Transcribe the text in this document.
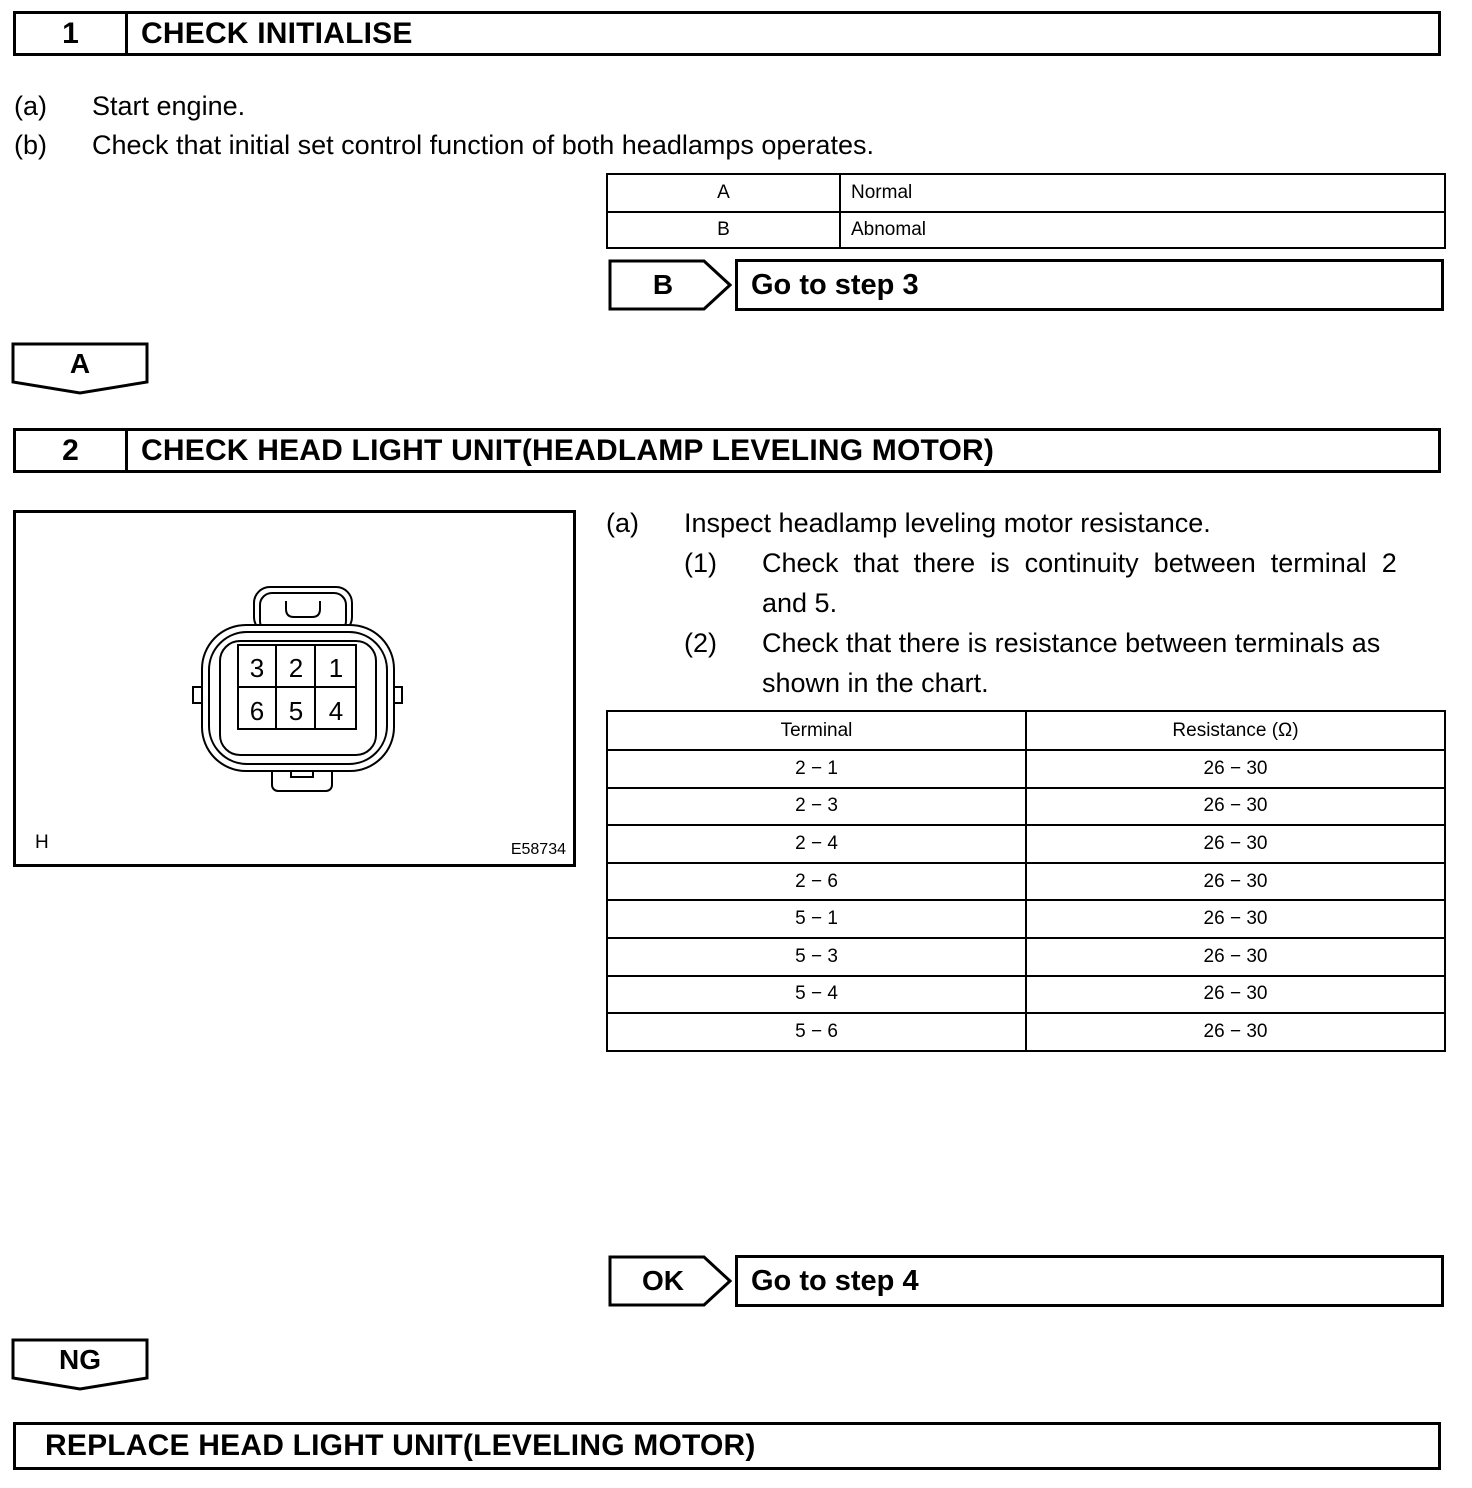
1	CHECK INITIALISE
(a) Start engine.
(b) Check that initial set control function of both headlamps operates.
A	Normal
B	Abnomal
B	Go to step 3
A
2	CHECK HEAD LIGHT UNIT(HEADLAMP LEVELING MOTOR)
3 2 1
6 5 4
H	E58734
(a) Inspect headlamp leveling motor resistance.
(1) Check  that  there  is  continuity  between  terminal  2
and 5.
(2) Check that there is resistance between terminals as
shown in the chart.
Terminal	Resistance (Ω)
2 − 1	26 − 30
2 − 3	26 − 30
2 − 4	26 − 30
2 − 6	26 − 30
5 − 1	26 − 30
5 − 3	26 − 30
5 − 4	26 − 30
5 − 6	26 − 30
OK	Go to step 4
NG
REPLACE HEAD LIGHT UNIT(LEVELING MOTOR)
